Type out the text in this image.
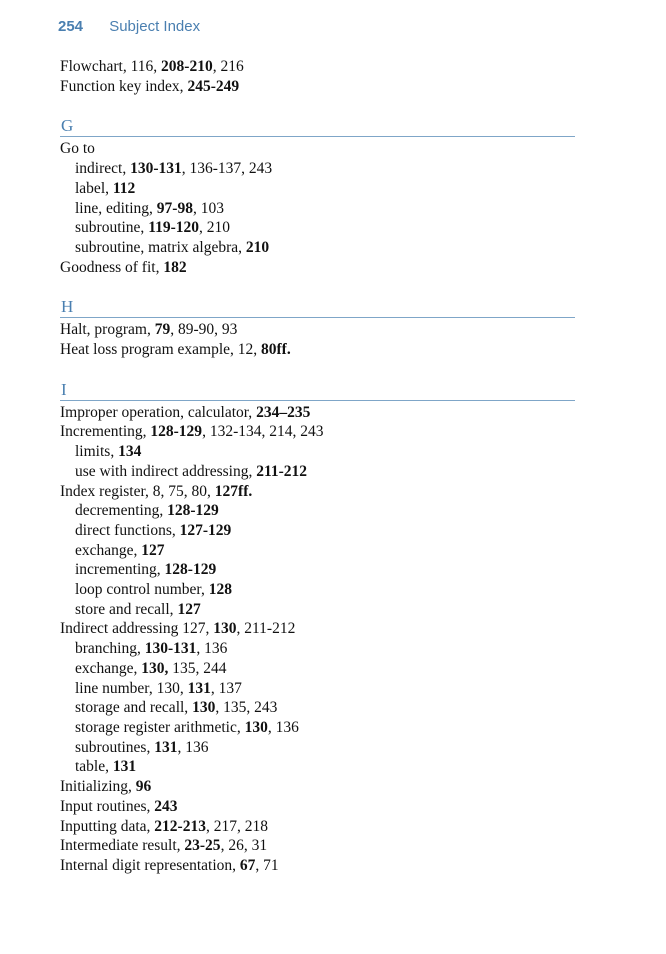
254 Subject Index
Flowchart, 116, 208-210, 216
Function key index, 245-249
G
Go to
indirect, 130-131, 136-137, 243
label, 112
line, editing, 97-98, 103
subroutine, 119-120, 210
subroutine, matrix algebra, 210
Goodness of fit, 182
H
Halt, program, 79, 89-90, 93
Heat loss program example, 12, 80ff.
I
Improper operation, calculator, 234–235
Incrementing, 128-129, 132-134, 214, 243
limits, 134
use with indirect addressing, 211-212
Index register, 8, 75, 80, 127ff.
decrementing, 128-129
direct functions, 127-129
exchange, 127
incrementing, 128-129
loop control number, 128
store and recall, 127
Indirect addressing 127, 130, 211-212
branching, 130-131, 136
exchange, 130, 135, 244
line number, 130, 131, 137
storage and recall, 130, 135, 243
storage register arithmetic, 130, 136
subroutines, 131, 136
table, 131
Initializing, 96
Input routines, 243
Inputting data, 212-213, 217, 218
Intermediate result, 23-25, 26, 31
Internal digit representation, 67, 71
